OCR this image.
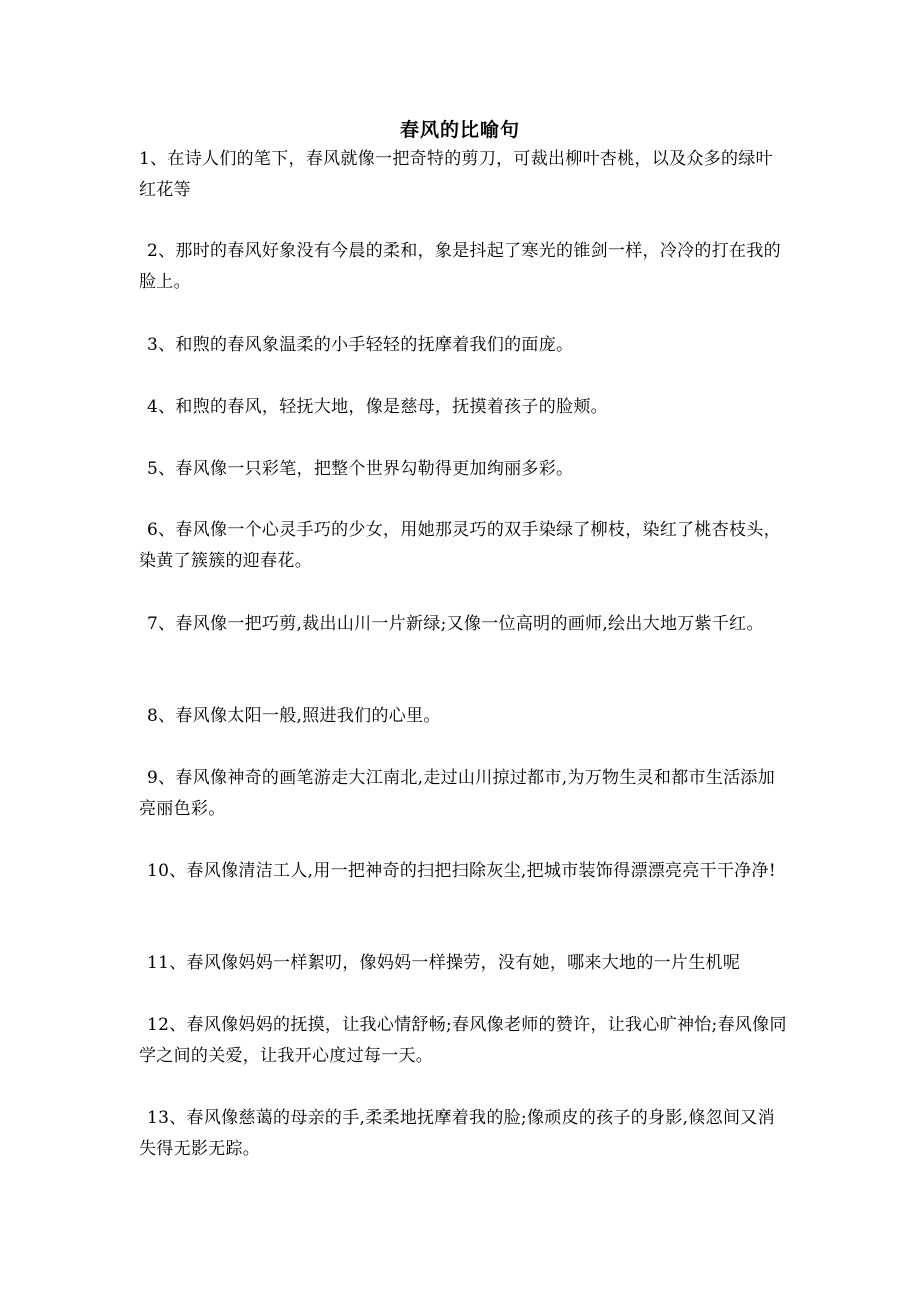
春风的比喻句
1、在诗人们的笔下，春风就像一把奇特的剪刀，可裁出柳叶杏桃，以及众多的绿叶红花等
2、那时的春风好象没有今晨的柔和，象是抖起了寒光的锥剑一样，冷冷的打在我的脸上。
3、和煦的春风象温柔的小手轻轻的抚摩着我们的面庞。
4、和煦的春风，轻抚大地，像是慈母，抚摸着孩子的脸颊。
5、春风像一只彩笔，把整个世界勾勒得更加绚丽多彩。
6、春风像一个心灵手巧的少女，用她那灵巧的双手染绿了柳枝，染红了桃杏枝头，染黄了簇簇的迎春花。
7、春风像一把巧剪,裁出山川一片新绿;又像一位高明的画师,绘出大地万紫千红。
8、春风像太阳一般,照进我们的心里。
9、春风像神奇的画笔游走大江南北,走过山川掠过都市,为万物生灵和都市生活添加亮丽色彩。
10、春风像清洁工人,用一把神奇的扫把扫除灰尘,把城市装饰得漂漂亮亮干干净净!
11、春风像妈妈一样絮叨，像妈妈一样操劳，没有她，哪来大地的一片生机呢
12、春风像妈妈的抚摸，让我心情舒畅;春风像老师的赞许，让我心旷神怡;春风像同学之间的关爱，让我开心度过每一天。
13、春风像慈蔼的母亲的手,柔柔地抚摩着我的脸;像顽皮的孩子的身影,倏忽间又消失得无影无踪。
